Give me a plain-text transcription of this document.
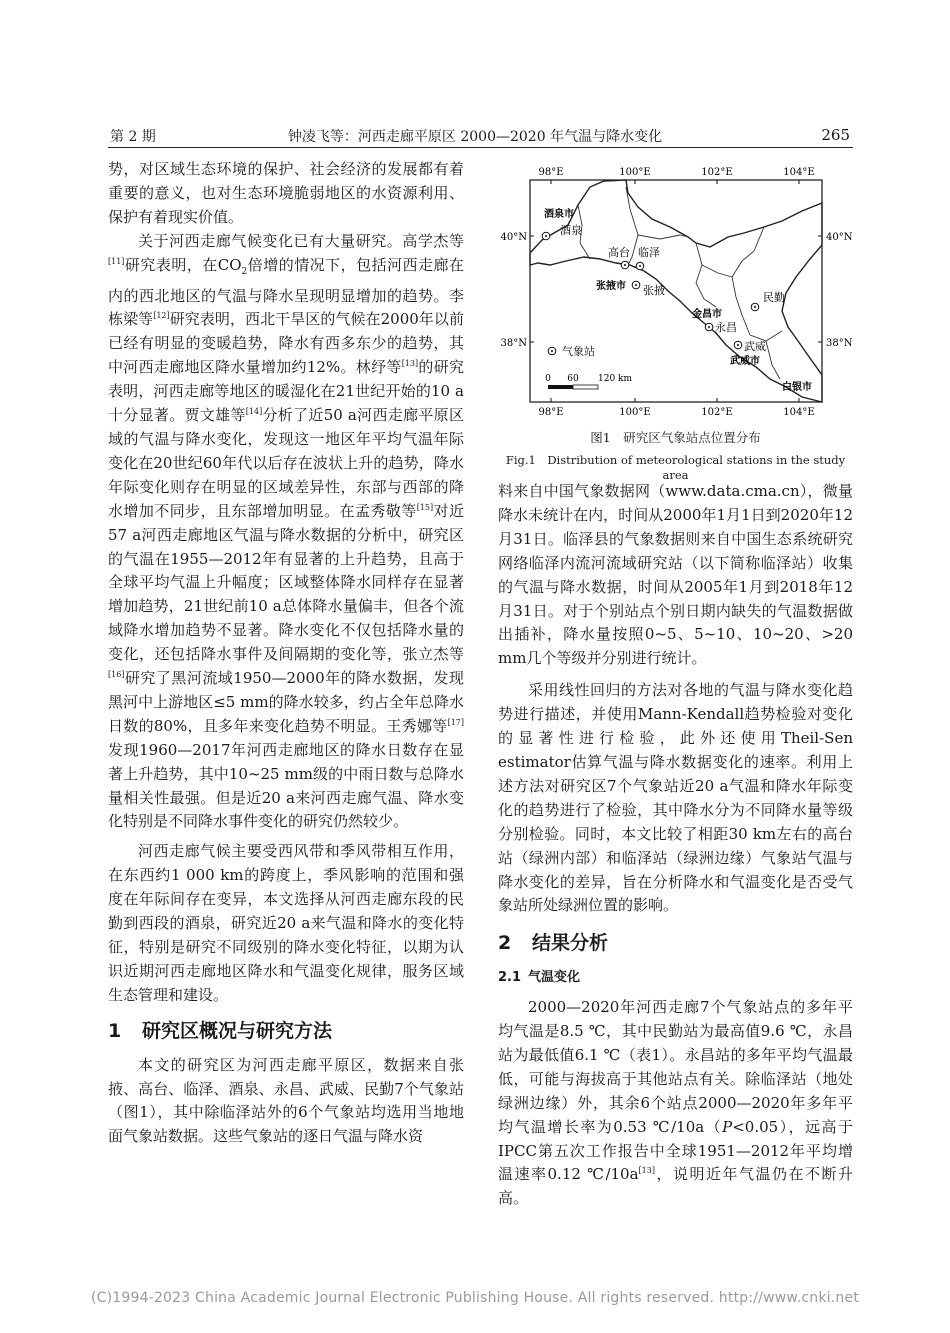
第 2 期	钟凌飞等：河西走廊平原区 2000—2020 年气温与降水变化	265

势，对区域生态环境的保护、社会经济的发展都有着重要的意义，也对生态环境脆弱地区的水资源利用、保护有着现实价值。

关于河西走廊气候变化已有大量研究。高学杰等[11]研究表明，在$CO_2$倍增的情况下，包括河西走廊在内的西北地区的气温与降水呈现明显增加的趋势。李栋梁等[12]研究表明，西北干旱区的气候在2000年以前已经有明显的变暖趋势，降水有西多东少的趋势，其中河西走廊地区降水量增加约12%。林纾等[13]的研究表明，河西走廊等地区的暖湿化在21世纪开始的10 a十分显著。贾文雄等[14]分析了近50 a河西走廊平原区域的气温与降水变化，发现这一地区年平均气温年际变化在20世纪60年代以后存在波状上升的趋势，降水年际变化则存在明显的区域差异性，东部与西部的降水增加不同步，且东部增加明显。在孟秀敬等[15]对近57 a河西走廊地区气温与降水数据的分析中，研究区的气温在1955—2012年有显著的上升趋势，且高于全球平均气温上升幅度；区域整体降水同样存在显著增加趋势，21世纪前10 a总体降水量偏丰，但各个流域降水增加趋势不显著。降水变化不仅包括降水量的变化，还包括降水事件及间隔期的变化等，张立杰等[16]研究了黑河流域1950—2000年的降水数据，发现黑河中上游地区≤5 mm的降水较多，约占全年总降水日数的80%，且多年来变化趋势不明显。王秀娜等[17]发现1960—2017年河西走廊地区的降水日数存在显著上升趋势，其中10~25 mm级的中雨日数与总降水量相关性最强。但是近20 a来河西走廊气温、降水变化特别是不同降水事件变化的研究仍然较少。

河西走廊气候主要受西风带和季风带相互作用，在东西约1 000 km的跨度上，季风影响的范围和强度在年际间存在变异，本文选择从河西走廊东段的民勤到西段的酒泉，研究近20 a来气温和降水的变化特征，特别是研究不同级别的降水变化特征，以期为认识近期河西走廊地区降水和气温变化规律，服务区域生态管理和建设。

1 研究区概况与研究方法

本文的研究区为河西走廊平原区，数据来自张掖、高台、临泽、酒泉、永昌、武威、民勤7个气象站（图1），其中除临泽站外的6个气象站均选用当地地面气象站数据。这些气象站的逐日气温与降水资

98°E	100°E	102°E	104°E
98°E	100°E	102°E	104°E
40°N
38°N
40°N
38°N
酒泉市
张掖市
金昌市
武威市
白银市
酒泉
高台 临泽
张掖
永昌
武威
民勤
气象站
0 60 120 km
图1　研究区气象站点位置分布
Fig.1　Distribution of meteorological stations in the study area

料来自中国气象数据网（www.data.cma.cn），微量降水未统计在内，时间从2000年1月1日到2020年12月31日。临泽县的气象数据则来自中国生态系统研究网络临泽内流河流域研究站（以下简称临泽站）收集的气温与降水数据，时间从2005年1月到2018年12月31日。对于个别站点个别日期内缺失的气温数据做出插补，降水量按照0~5、5~10、10~20、>20 mm几个等级并分别进行统计。

采用线性回归的方法对各地的气温与降水变化趋势进行描述，并使用Mann-Kendall趋势检验对变化的显著性进行检验，此外还使用Theil-Sen estimator估算气温与降水数据变化的速率。利用上述方法对研究区7个气象站近20 a气温和降水年际变化的趋势进行了检验，其中降水分为不同降水量等级分别检验。同时，本文比较了相距30 km左右的高台站（绿洲内部）和临泽站（绿洲边缘）气象站气温与降水变化的差异，旨在分析降水和气温变化是否受气象站所处绿洲位置的影响。

2 结果分析

2.1 气温变化

2000—2020年河西走廊7个气象站点的多年平均气温是8.5 ℃，其中民勤站为最高值9.6 ℃，永昌站为最低值6.1 ℃（表1）。永昌站的多年平均气温最低，可能与海拔高于其他站点有关。除临泽站（地处绿洲边缘）外，其余6个站点2000—2020年多年平均气温增长率为0.53 ℃/10a（P<0.05），远高于IPCC第五次工作报告中全球1951—2012年平均增温速率0.12 ℃/10a[13]，说明近年气温仍在不断升高。

(C)1994-2023 China Academic Journal Electronic Publishing House. All rights reserved. http://www.cnki.net
